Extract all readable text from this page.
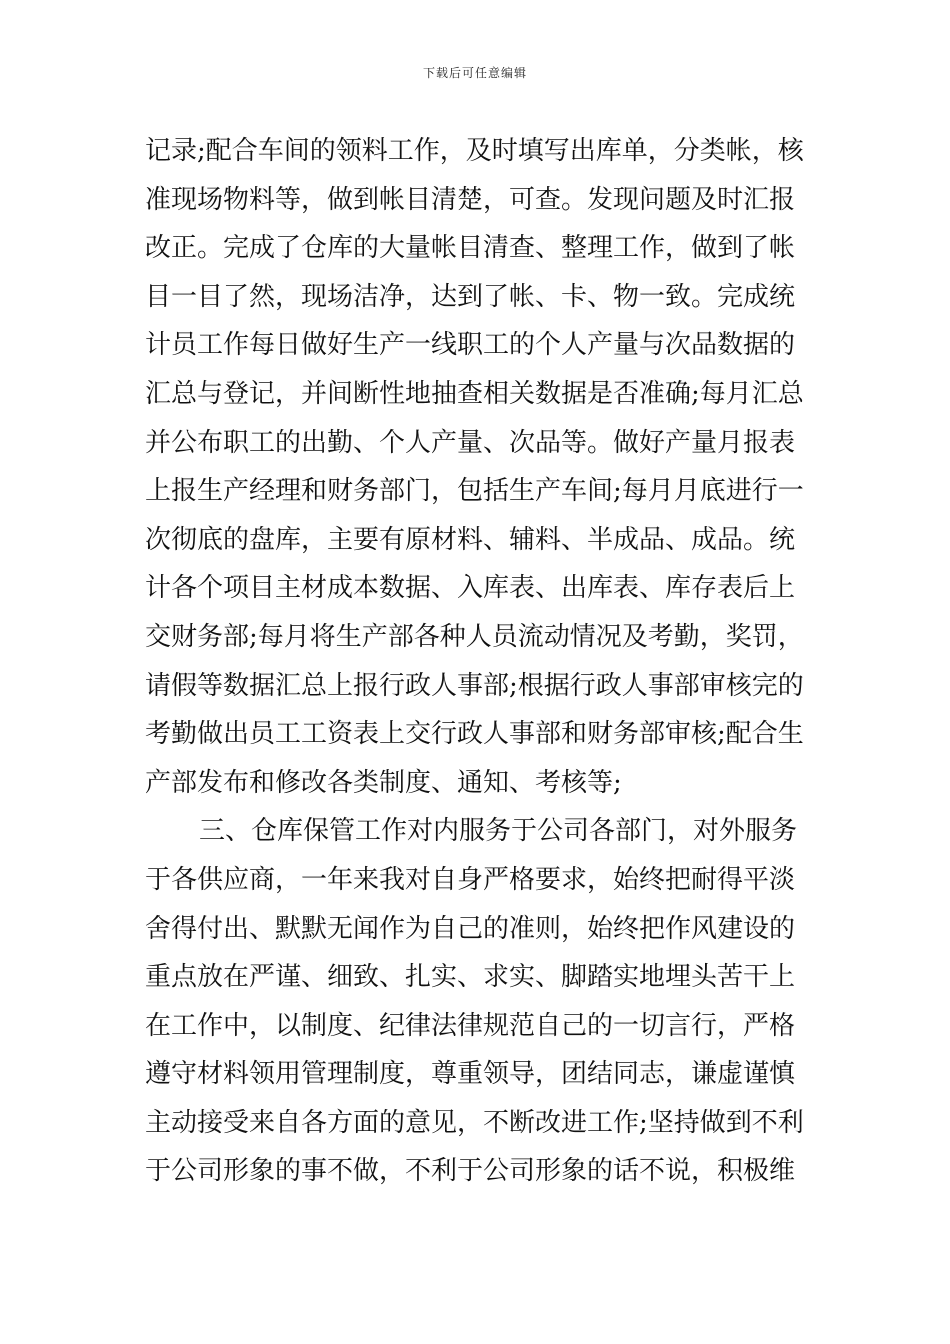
下载后可任意编辑
记录;配合车间的领料工作，及时填写出库单，分类帐，核
准现场物料等，做到帐目清楚，可查。发现问题及时汇报
改正。完成了仓库的大量帐目清查、整理工作，做到了帐
目一目了然，现场洁净，达到了帐、卡、物一致。完成统
计员工作每日做好生产一线职工的个人产量与次品数据的
汇总与登记，并间断性地抽查相关数据是否准确;每月汇总
并公布职工的出勤、个人产量、次品等。做好产量月报表
上报生产经理和财务部门，包括生产车间;每月月底进行一
次彻底的盘库，主要有原材料、辅料、半成品、成品。统
计各个项目主材成本数据、入库表、出库表、库存表后上
交财务部;每月将生产部各种人员流动情况及考勤，奖罚，
请假等数据汇总上报行政人事部;根据行政人事部审核完的
考勤做出员工工资表上交行政人事部和财务部审核;配合生
产部发布和修改各类制度、通知、考核等;
三、仓库保管工作对内服务于公司各部门，对外服务
于各供应商，一年来我对自身严格要求，始终把耐得平淡
舍得付出、默默无闻作为自己的准则，始终把作风建设的
重点放在严谨、细致、扎实、求实、脚踏实地埋头苦干上
在工作中，以制度、纪律法律规范自己的一切言行，严格
遵守材料领用管理制度，尊重领导，团结同志，谦虚谨慎
主动接受来自各方面的意见，不断改进工作;坚持做到不利
于公司形象的事不做，不利于公司形象的话不说，积极维
